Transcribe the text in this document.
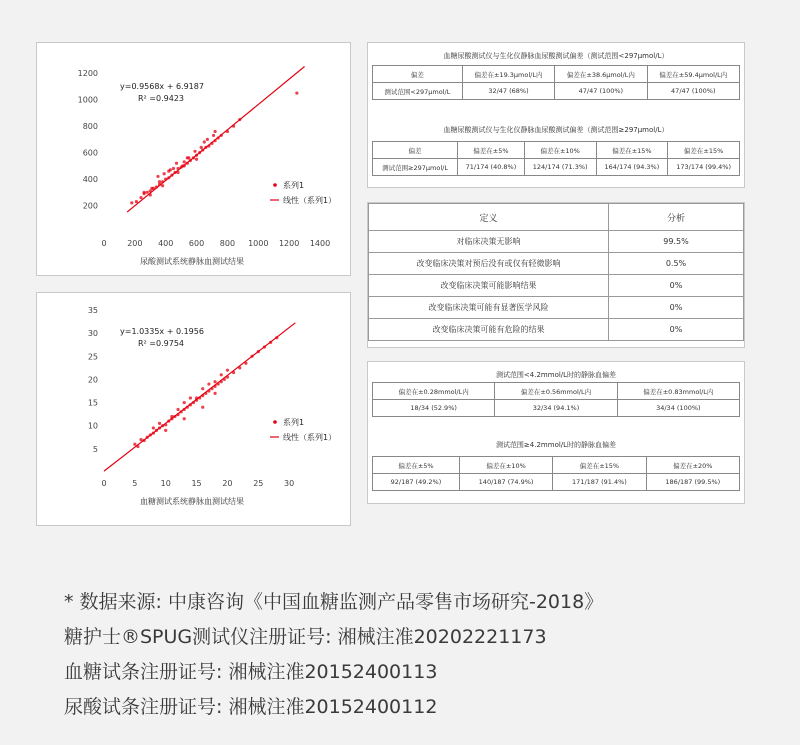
0	200 400 600 800 1000 1200 1400
200
400
600
800
1000
1200
尿酸测试系统静脉血测试结果
y=0.9568x + 6.9187
R² =0.9423
系列1
线性（系列1）
0	5	10	15	20	25	30
5
10
15
20
25
30
35
血糖测试系统静脉血测试结果
y=1.0335x + 0.1956
R² =0.9754
系列1
线性（系列1）
血糖尿酸测试仪与生化仪静脉血尿酸测试偏差（测试范围<297μmol/L）
偏差	偏差在±19.3μmol/L内	偏差在±38.6μmol/L内	偏差在±59.4μmol/L内
测试范围<297μmol/L	32/47 (68%)	47/47 (100%)	47/47 (100%)
血糖尿酸测试仪与生化仪静脉血尿酸测试偏差（测试范围≥297μmol/L）
偏差	偏差在±5%	偏差在±10%	偏差在±15%	偏差在±15%
测试范围≥297μmol/L	71/174 (40.8%)	124/174 (71.3%)	164/174 (94.3%)	173/174 (99.4%)
定义	分析
对临床决策无影响	99.5%
改变临床决策对预后没有或仅有轻微影响	0.5%
改变临床决策可能影响结果	0%
改变临床决策可能有显著医学风险	0%
改变临床决策可能有危险的结果	0%
测试范围<4.2mmol/L时的静脉血偏差
偏差在±0.28mmol/L内	偏差在±0.56mmol/L内	偏差在±0.83mmol/L内
18/34 (52.9%)	32/34 (94.1%)	34/34 (100%)
测试范围≥4.2mmol/L时的静脉血偏差
偏差在±5%	偏差在±10%	偏差在±15%	偏差在±20%
92/187 (49.2%)	140/187 (74.9%)	171/187 (91.4%)	186/187 (99.5%)
* 数据来源: 中康咨询《中国血糖监测产品零售市场研究-2018》
糖护士®SPUG测试仪注册证号: 湘械注准20202221173
血糖试条注册证号: 湘械注准20152400113
尿酸试条注册证号: 湘械注准20152400112
